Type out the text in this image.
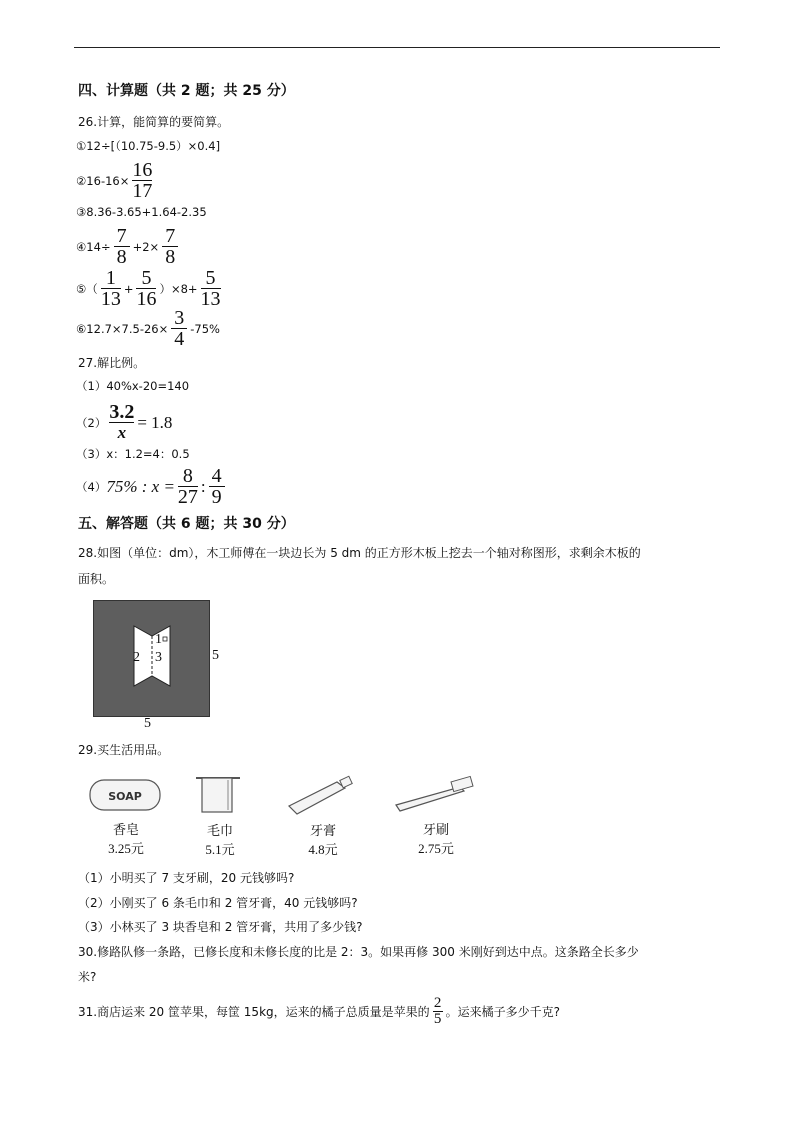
四、计算题（共 2 题；共 25 分）
26.计算，能简算的要简算。
①12÷[（10.75-9.5）×0.4]
②16-16× $\frac{16}{17}$
③8.36-3.65+1.64-2.35
④14÷ $\frac{7}{8} +2\times \frac{7}{8}$
⑤（ $\frac{1}{13} + \frac{5}{16} )\times 8+ \frac{5}{13}$
⑥12.7×7.5-26× $\frac{3}{4} -75\%$
27.解比例。
（1）40%x-20=140
$(2) \frac{3.2}{x} = 1.8$
（3）x：1.2=4：0.5
（4） 75% : $x = \frac{8}{27}$ : $\frac{4}{9}$
五、解答题（共 6 题；共 30 分）
28.如图（单位：dm），木工师傅在一块边长为 5 dm 的正方形木板上挖去一个轴对称图形，求剩余木板的
面积。
1
2 3	5
5
29.买生活用品。
SOAP
香皂
3.25元
毛巾
5.1元
牙膏
4.8元
牙刷
2.75元
（1）小明买了 7 支牙刷，20 元钱够吗?
（2）小刚买了 6 条毛巾和 2 管牙膏，40 元钱够吗?
（3）小林买了 3 块香皂和 2 管牙膏，共用了多少钱?
30.修路队修一条路，已修长度和未修长度的比是 2：3。如果再修 300 米刚好到达中点。这条路全长多少
米?
31.商店运来 20 筐苹果，每筐 15kg，运来的橘子总质量是苹果的 $\frac{2}{5}$ 。运来橘子多少千克?
